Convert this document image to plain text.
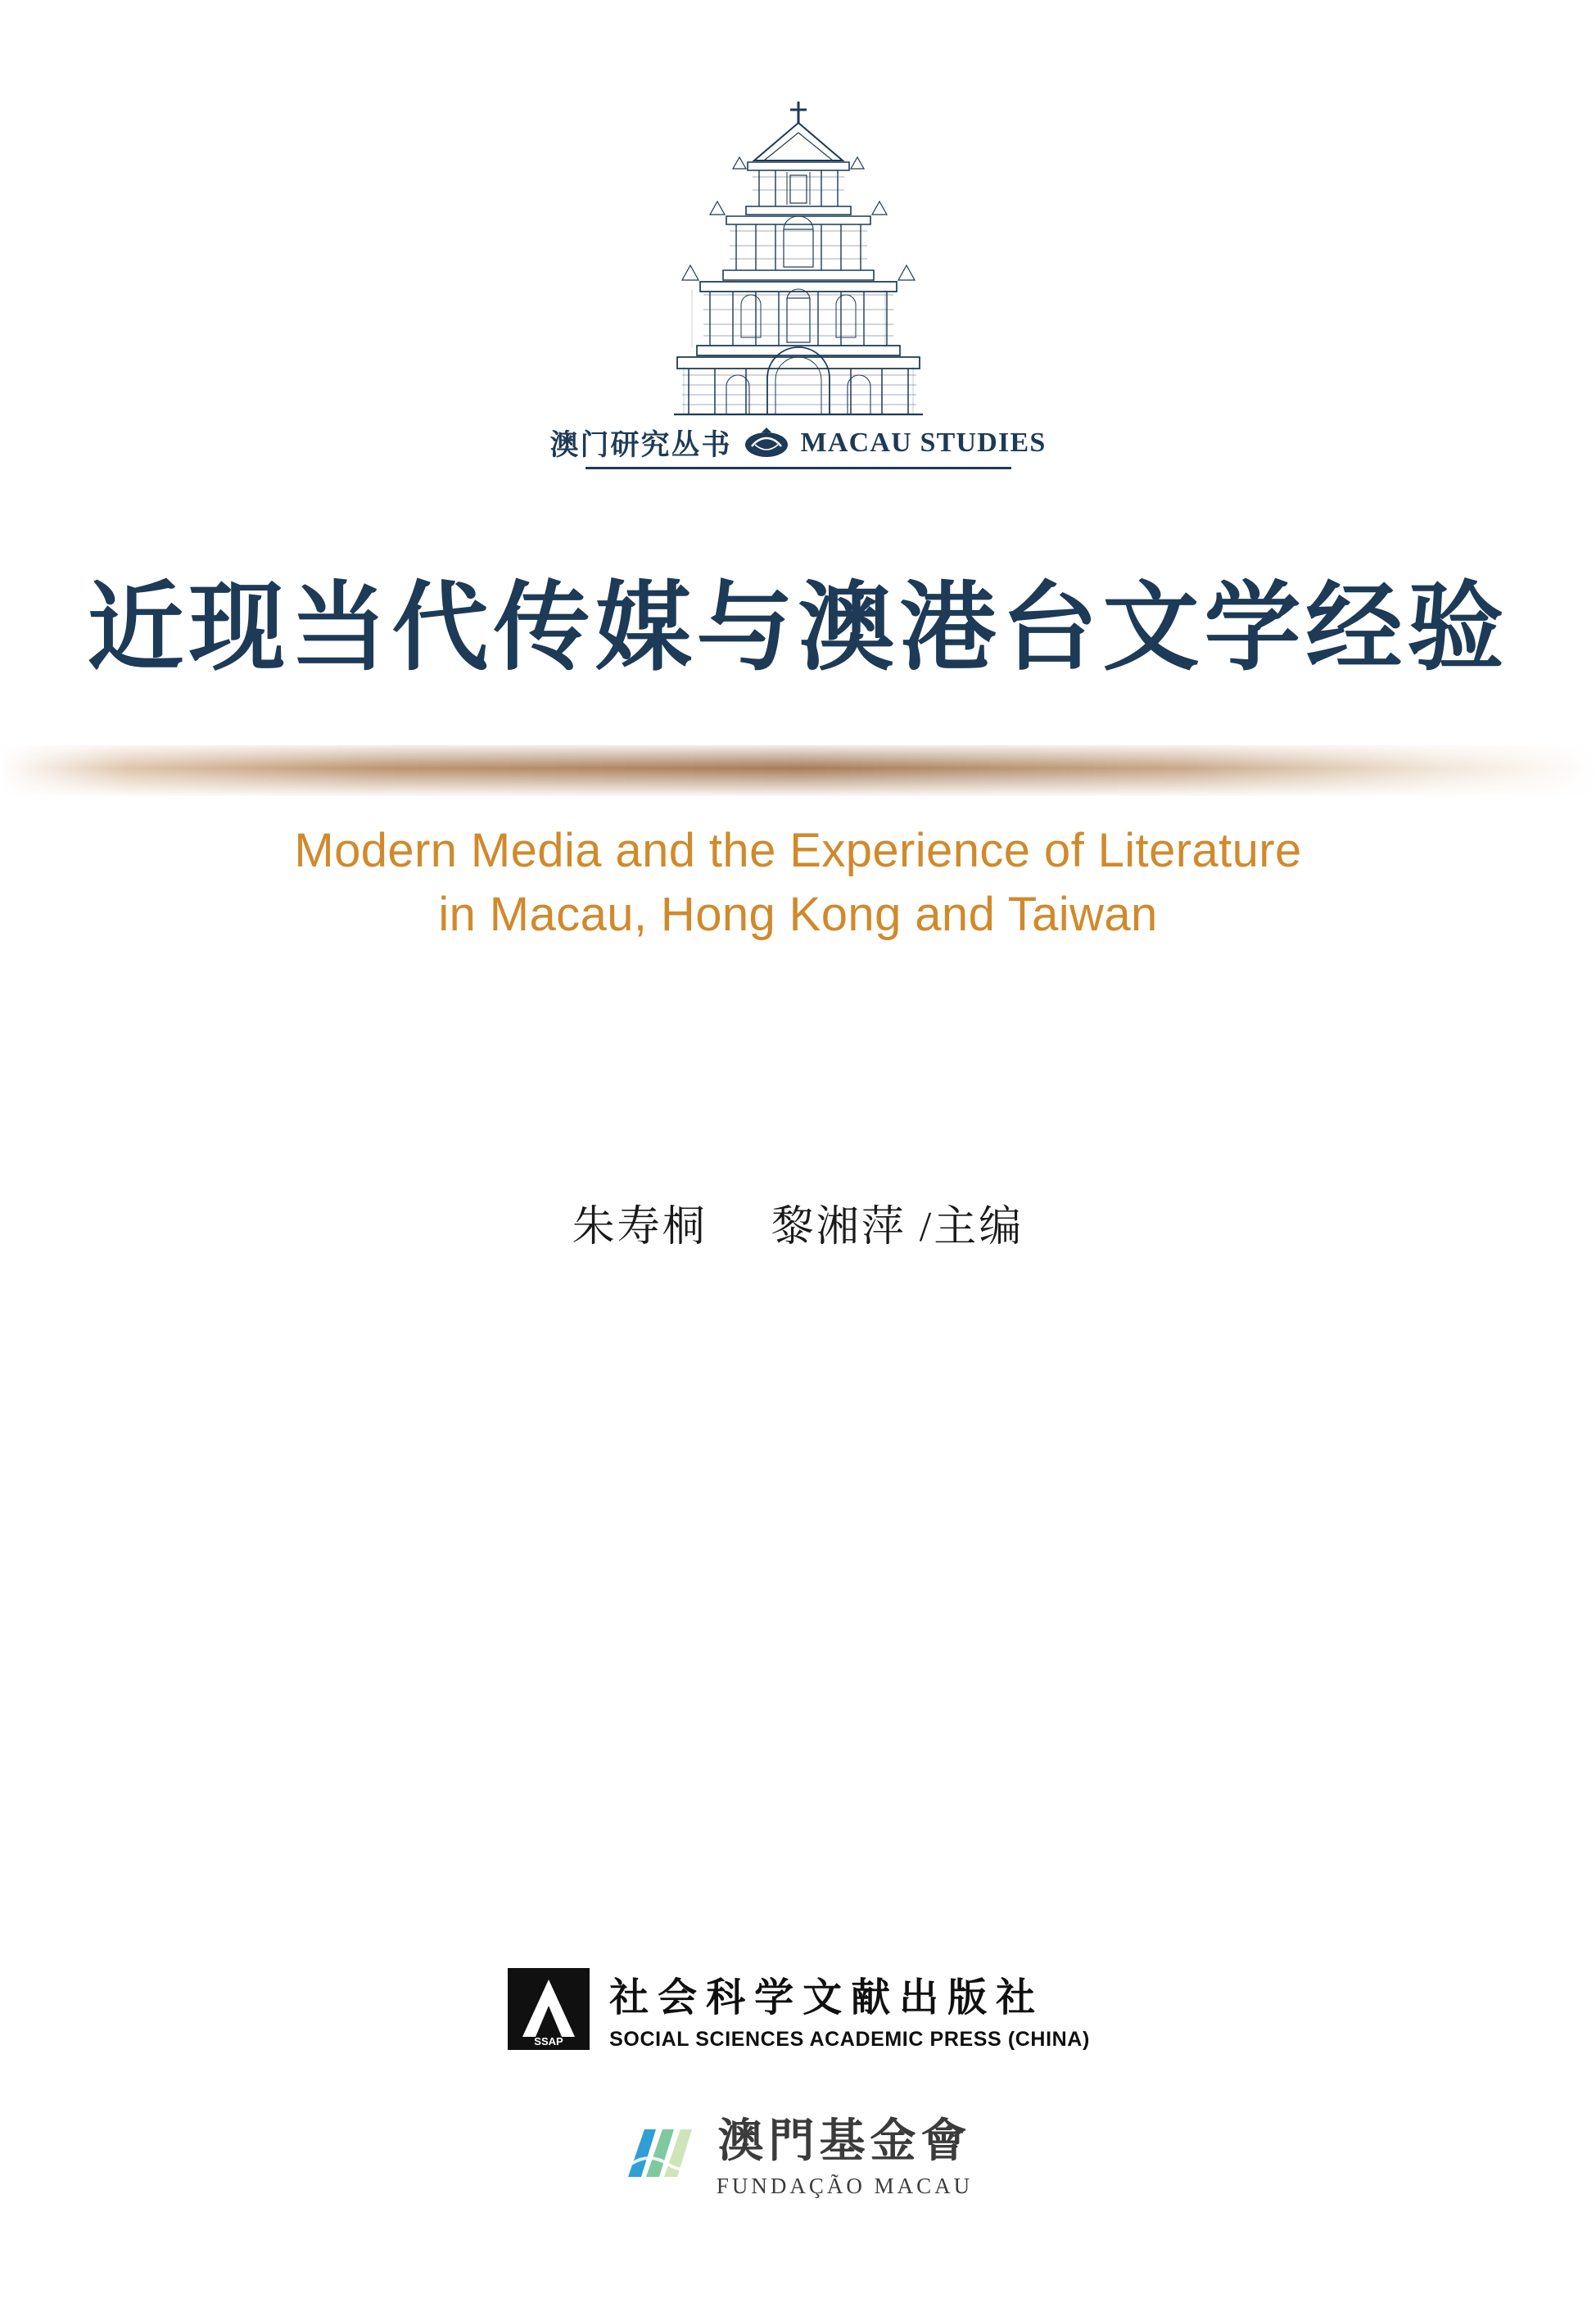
澳门研究丛书 MACAU STUDIES
近现当代传媒与澳港台文学经验
Modern Media and the Experience of Literature
in Macau, Hong Kong and Taiwan
朱寿桐 黎湘萍 /主编
SSAP
社会科学文献出版社
SOCIAL SCIENCES ACADEMIC PRESS (CHINA)
澳門基金會
FUNDAÇÃO MACAU
